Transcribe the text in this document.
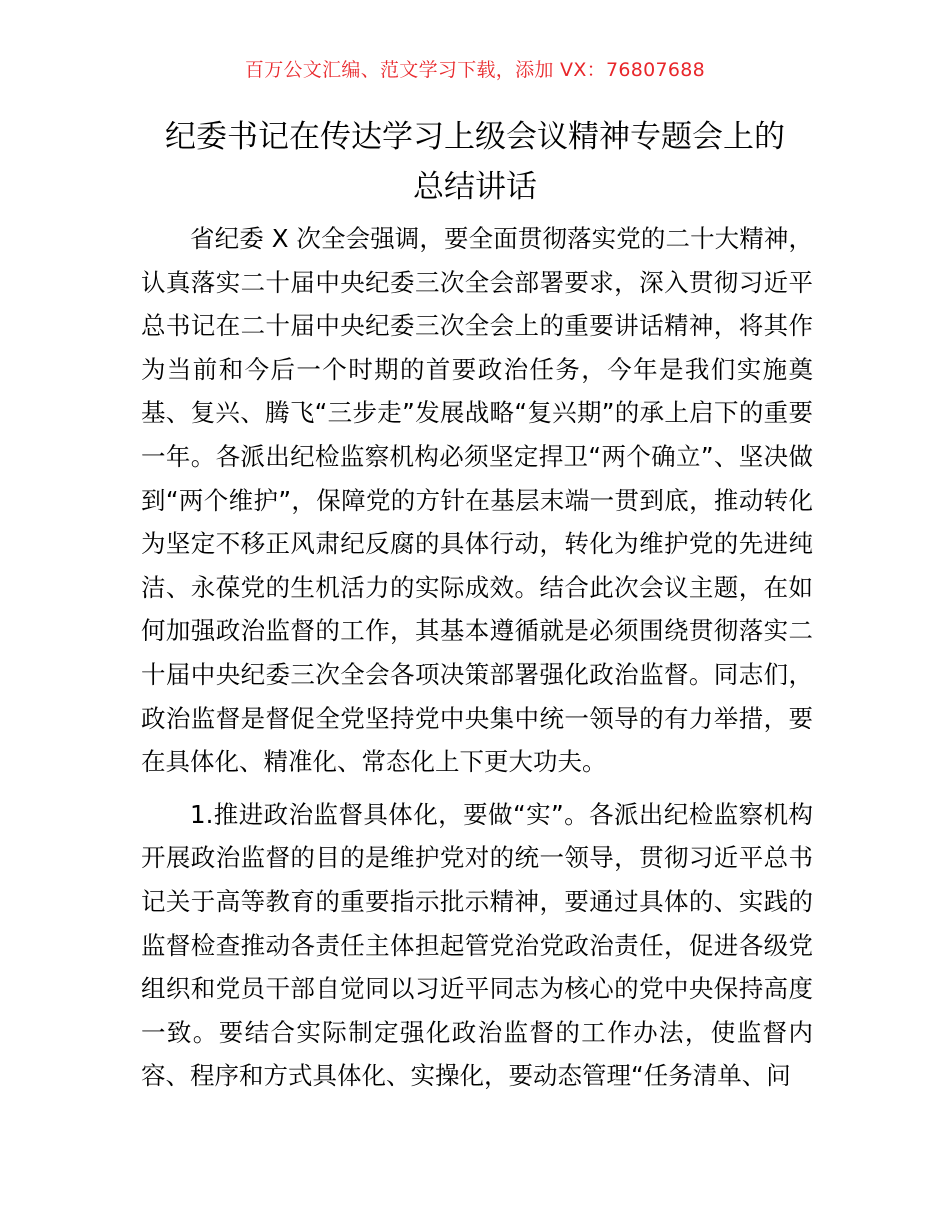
百万公文汇编、范文学习下载，添加 VX：76807688
纪委书记在传达学习上级会议精神专题会上的
总结讲话

省纪委 X 次全会强调，要全面贯彻落实党的二十大精神，认真落实二十届中央纪委三次全会部署要求，深入贯彻习近平总书记在二十届中央纪委三次全会上的重要讲话精神，将其作为当前和今后一个时期的首要政治任务，今年是我们实施奠基、复兴、腾飞“三步走”发展战略“复兴期”的承上启下的重要一年。各派出纪检监察机构必须坚定捍卫“两个确立”、坚决做到“两个维护”，保障党的方针在基层末端一贯到底，推动转化为坚定不移正风肃纪反腐的具体行动，转化为维护党的先进纯洁、永葆党的生机活力的实际成效。结合此次会议主题，在如何加强政治监督的工作，其基本遵循就是必须围绕贯彻落实二十届中央纪委三次全会各项决策部署强化政治监督。同志们，政治监督是督促全党坚持党中央集中统一领导的有力举措，要在具体化、精准化、常态化上下更大功夫。

1.推进政治监督具体化，要做“实”。各派出纪检监察机构开展政治监督的目的是维护党对的统一领导，贯彻习近平总书记关于高等教育的重要指示批示精神，要通过具体的、实践的监督检查推动各责任主体担起管党治党政治责任，促进各级党组织和党员干部自觉同以习近平同志为核心的党中央保持高度一致。要结合实际制定强化政治监督的工作办法，使监督内容、程序和方式具体化、实操化，要动态管理“任务清单、问
